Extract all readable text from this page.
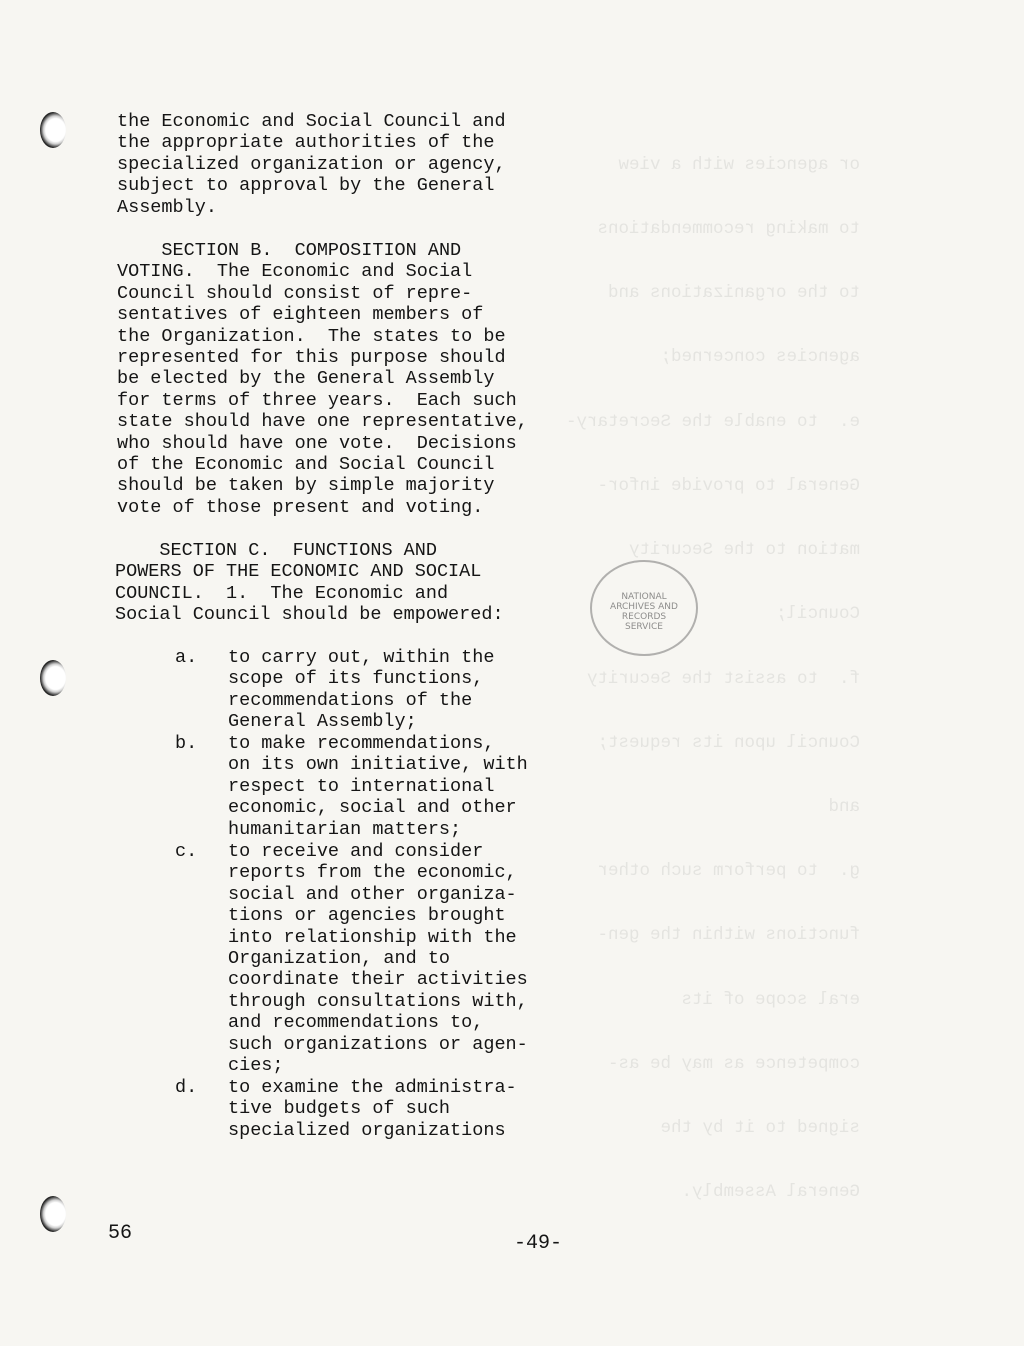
or agencies with a view

to making recommendations

to the organizations and

agencies concerned;

e.  to enable the Secretary-

General to provide infor-

mation to the Security

Council;

f.  to assist the Security

Council upon its request;

and

g.  to perform such other

functions within the gen-

eral scope of its

competence as may be as-

signed to it by the

General Assembly.

NATIONAL
ARCHIVES AND
RECORDS
SERVICE
the Economic and Social Council and
the appropriate authorities of the
specialized organization or agency,
subject to approval by the General
Assembly.
SECTION B.  COMPOSITION AND
VOTING.  The Economic and Social
Council should consist of repre-
sentatives of eighteen members of
the Organization.  The states to be
represented for this purpose should
be elected by the General Assembly
for terms of three years.  Each such
state should have one representative,
who should have one vote.  Decisions
of the Economic and Social Council
should be taken by simple majority
vote of those present and voting.
SECTION C.  FUNCTIONS AND
POWERS OF THE ECONOMIC AND SOCIAL
COUNCIL.  1.  The Economic and
Social Council should be empowered:
a. to carry out, within the
scope of its functions,
recommendations of the
General Assembly;
b. to make recommendations,
on its own initiative, with
respect to international
economic, social and other
humanitarian matters;
c. to receive and consider
reports from the economic,
social and other organiza-
tions or agencies brought
into relationship with the
Organization, and to
coordinate their activities
through consultations with,
and recommendations to,
such organizations or agen-
cies;
d. to examine the administra-
tive budgets of such
specialized organizations
56	-49-
